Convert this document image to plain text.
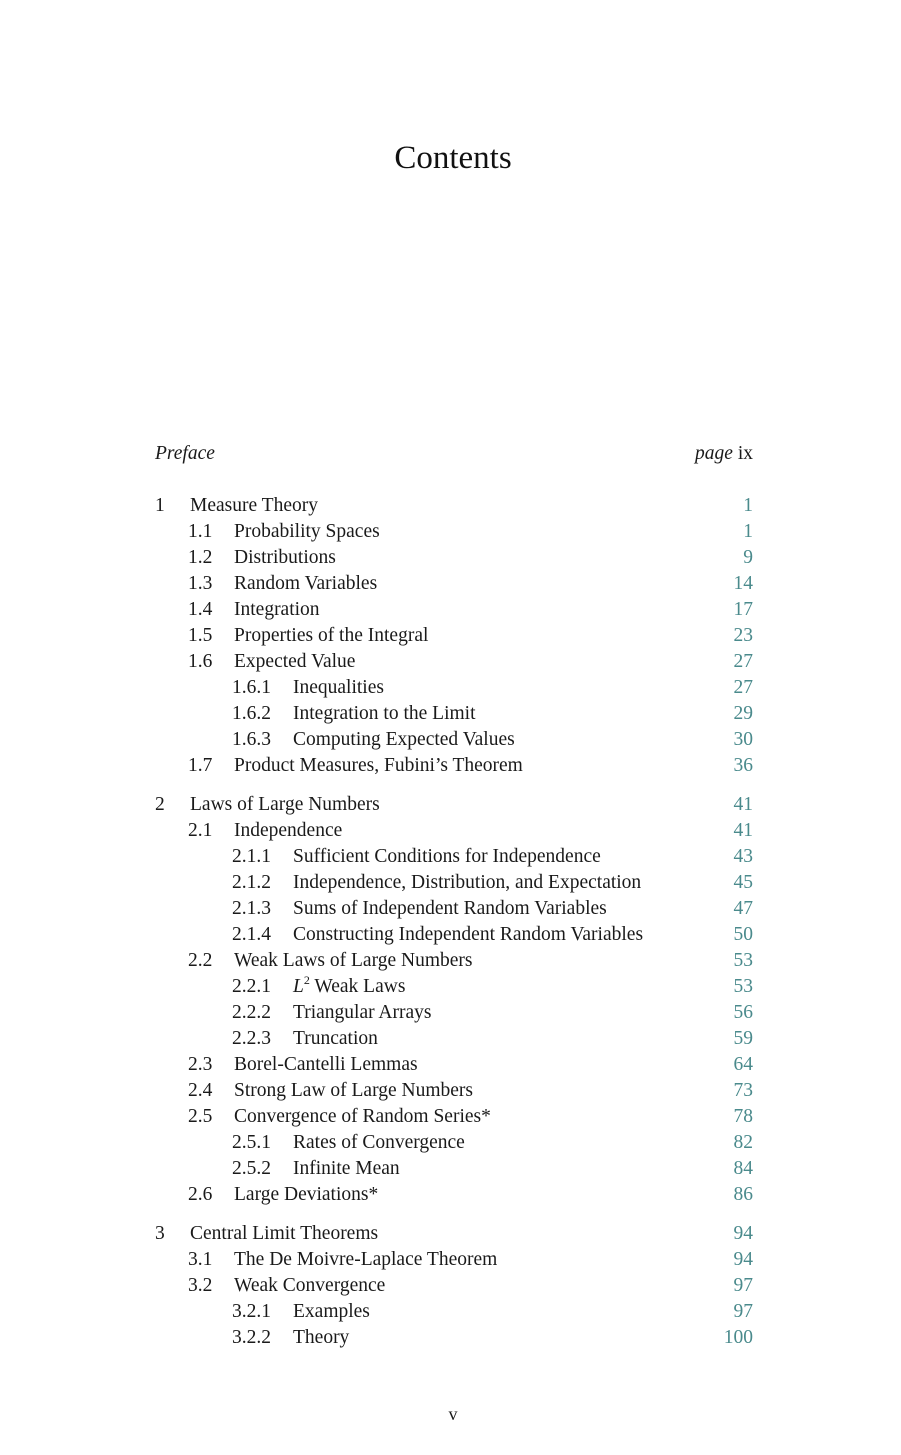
Contents
Preface	page ix
1 Measure Theory	1
1.1 Probability Spaces	1
1.2 Distributions	9
1.3 Random Variables	14
1.4 Integration	17
1.5 Properties of the Integral	23
1.6 Expected Value	27
1.6.1 Inequalities	27
1.6.2 Integration to the Limit	29
1.6.3 Computing Expected Values	30
1.7 Product Measures, Fubini’s Theorem	36
2 Laws of Large Numbers	41
2.1 Independence	41
2.1.1 Sufficient Conditions for Independence	43
2.1.2 Independence, Distribution, and Expectation	45
2.1.3 Sums of Independent Random Variables	47
2.1.4 Constructing Independent Random Variables	50
2.2 Weak Laws of Large Numbers	53
2.2.1 $L^2$ Weak Laws	53
2.2.2 Triangular Arrays	56
2.2.3 Truncation	59
2.3 Borel-Cantelli Lemmas	64
2.4 Strong Law of Large Numbers	73
2.5 Convergence of Random Series*	78
2.5.1 Rates of Convergence	82
2.5.2 Infinite Mean	84
2.6 Large Deviations*	86
3 Central Limit Theorems	94
3.1 The De Moivre-Laplace Theorem	94
3.2 Weak Convergence	97
3.2.1 Examples	97
3.2.2 Theory	100
v
